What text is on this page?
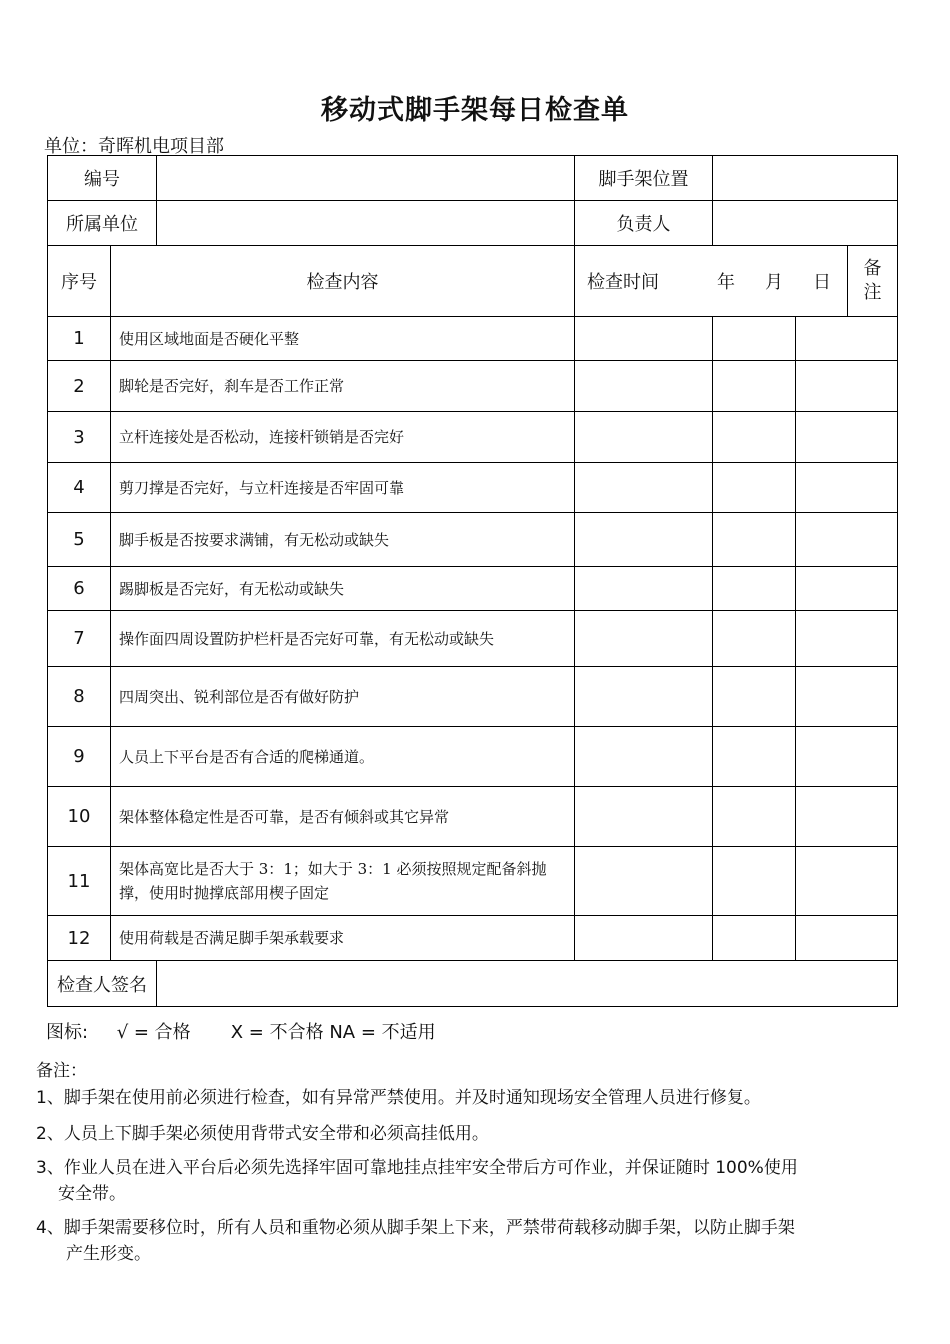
移动式脚手架每日检查单
单位：奇晖机电项目部
编号			脚手架位置				
所属单位			负责人				
序号	检查内容		检查时间 年 月 日			备注	
1	使用区域地面是否硬化平整						
2	脚轮是否完好，刹车是否工作正常						
3	立杆连接处是否松动，连接杆锁销是否完好						
4	剪刀撑是否完好，与立杆连接是否牢固可靠						
5	脚手板是否按要求满铺，有无松动或缺失						
6	踢脚板是否完好，有无松动或缺失						
7	操作面四周设置防护栏杆是否完好可靠，有无松动或缺失						
8	四周突出、锐利部位是否有做好防护						
9	人员上下平台是否有合适的爬梯通道。						
10	架体整体稳定性是否可靠，是否有倾斜或其它异常						
11	架体高宽比是否大于 3：1；如大于 3：1 必须按照规定配备斜抛撑，使用时抛撑底部用楔子固定						
12	使用荷载是否满足脚手架承载要求						
检查人签名							
图标: √ = 合格 X = 不合格 NA = 不适用
备注：
1、脚手架在使用前必须进行检查，如有异常严禁使用。并及时通知现场安全管理人员进行修复。
2、人员上下脚手架必须使用背带式安全带和必须高挂低用。
3、作业人员在进入平台后必须先选择牢固可靠地挂点挂牢安全带后方可作业，并保证随时 100%使用
安全带。
4、脚手架需要移位时，所有人员和重物必须从脚手架上下来，严禁带荷载移动脚手架，以防止脚手架
产生形变。
